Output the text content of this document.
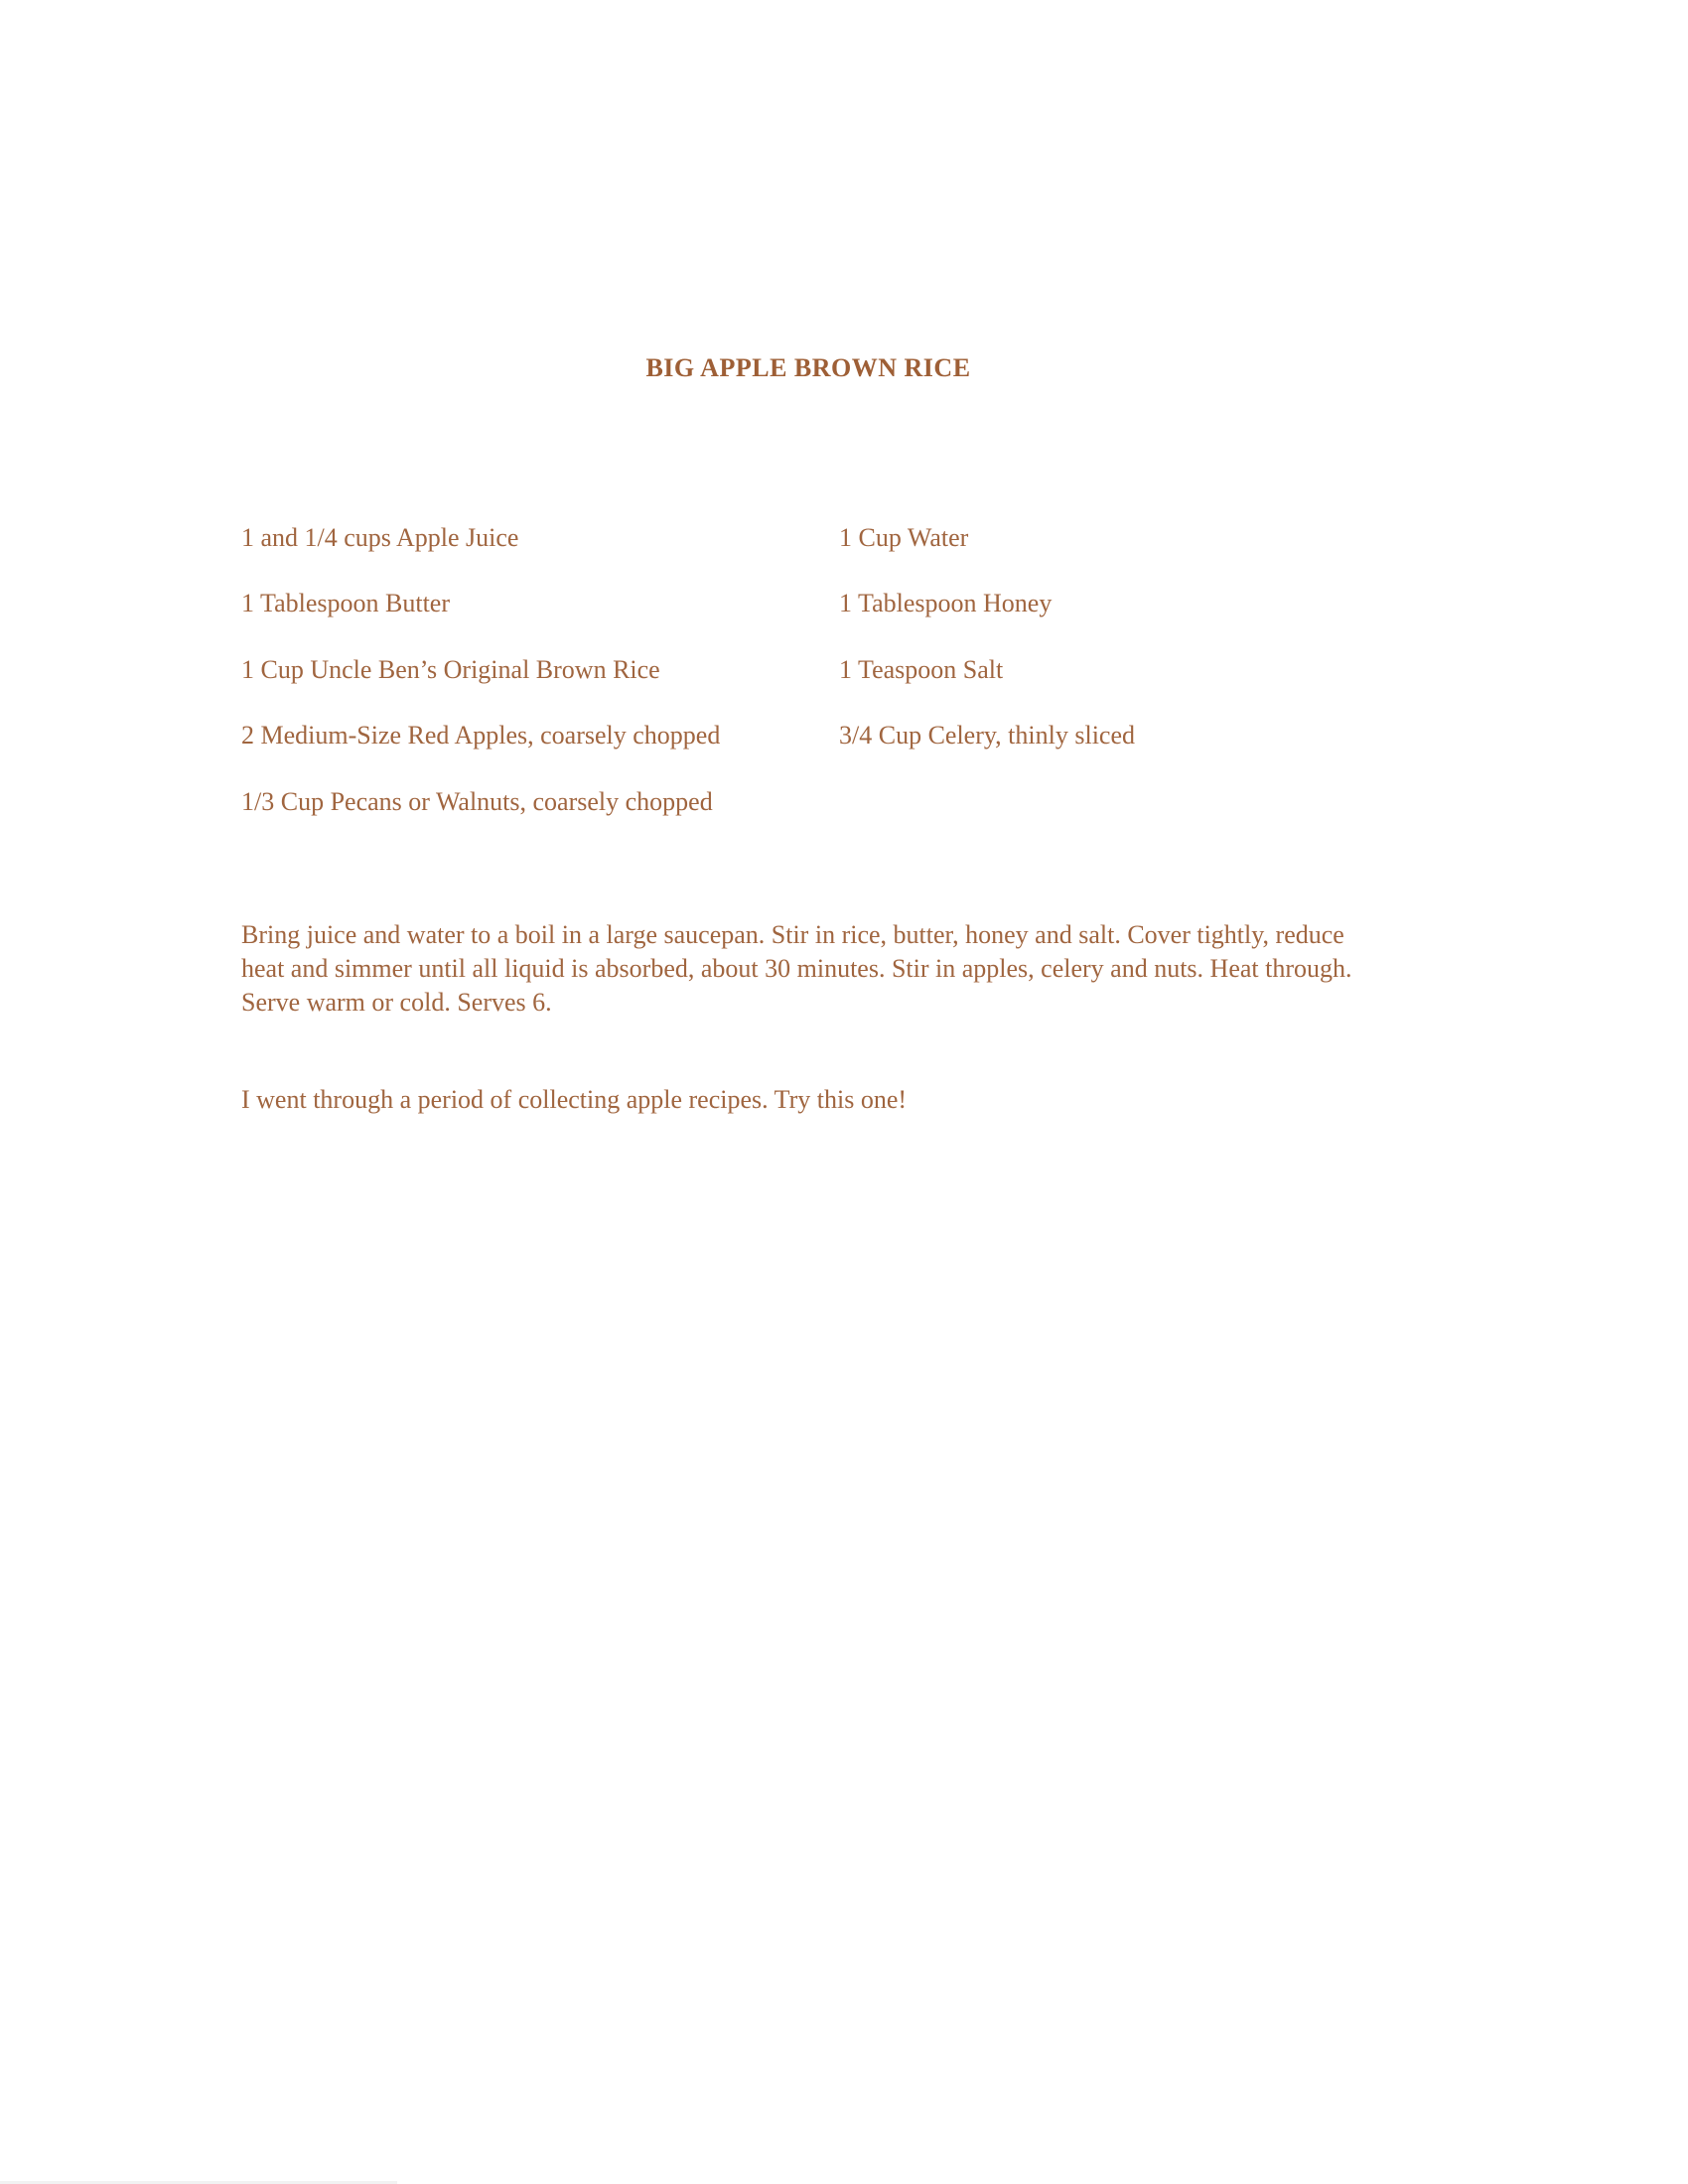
BIG APPLE BROWN RICE
1 and 1/4 cups Apple Juice
1 Tablespoon Butter
1 Cup Uncle Ben’s Original Brown Rice
2 Medium-Size Red Apples, coarsely chopped
1/3 Cup Pecans or Walnuts, coarsely chopped
1 Cup Water
1 Tablespoon Honey
1 Teaspoon Salt
3/4 Cup Celery, thinly sliced

Bring juice and water to a boil in a large saucepan. Stir in rice, butter, honey and salt. Cover tightly, reduce heat and simmer until all liquid is absorbed, about 30 minutes. Stir in apples, celery and nuts. Heat through. Serve warm or cold. Serves 6.

I went through a period of collecting apple recipes. Try this one!
